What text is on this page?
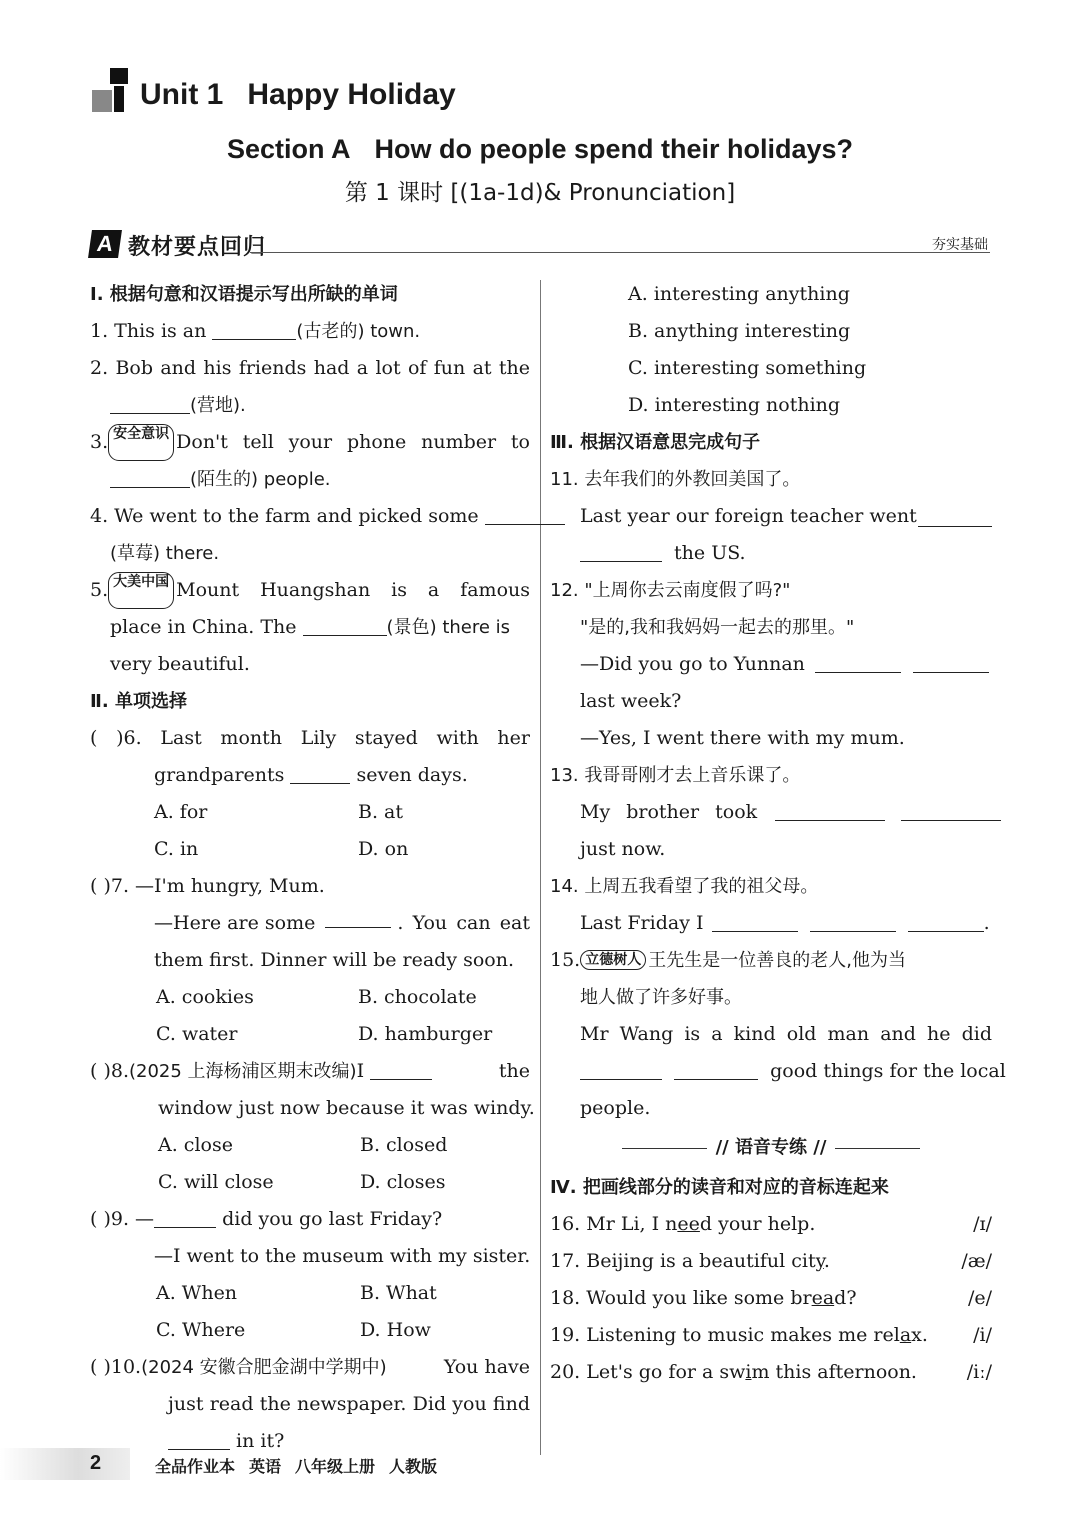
Unit 1 Happy Holiday
Section A How do people spend their holidays?
第 1 课时 [(1a-1d)& Pronunciation]
A 教材要点回归	夯实基础
Ⅰ. 根据句意和汉语提示写出所缺的单词
1. This is an	(古老的) town.
2. Bob and his friends had a lot of fun at the
(营地).
3. 安全意识 Don't tell your phone number to
(陌生的) people.
4. We went to the farm and picked some
(草莓) there.
5. 大美中国 Mount Huangshan is a famous
place in China. The	(景色) there is
very beautiful.
Ⅱ. 单项选择
( )6. Last month Lily stayed with her
grandparents	seven days.
A. for	B. at
C. in	D. on
( )7. —I'm hungry, Mum.
—Here are some	. You can eat
them first. Dinner will be ready soon.
A. cookies	B. chocolate
C. water	D. hamburger
( )8.(2025 上海杨浦区期末改编)I	the
window just now because it was windy.
A. close	B. closed
C. will close	D. closes
( )9. —	did you go last Friday?
—I went to the museum with my sister.
A. When	B. What
C. Where	D. How
( )10.(2024 安徽合肥金湖中学期中)	You have
just read the newspaper. Did you find
in it?
A. interesting anything
B. anything interesting
C. interesting something
D. interesting nothing
Ⅲ. 根据汉语意思完成句子
11. 去年我们的外教回美国了。
Last year our foreign teacher went
the US.
12. "上周你去云南度假了吗?"
"是的,我和我妈妈一起去的那里。"
—Did you go to Yunnan
last week?
—Yes, I went there with my mum.
13. 我哥哥刚才去上音乐课了。
My brother took
just now.
14. 上周五我看望了我的祖父母。
Last Friday I	.
15. 立德树人 王先生是一位善良的老人,他为当
地人做了许多好事。
Mr Wang is a kind old man and he did
good things for the local
people.
// 语音专练 //
Ⅳ. 把画线部分的读音和对应的音标连起来
16. Mr Li, I need your help.	/ɪ/
17. Beijing is a beautiful city.	/æ/
18. Would you like some bread?	/e/
19. Listening to music makes me relax. /i/
20. Let's go for a swim this afternoon.	/iː/
2	全品作业本 英语 八年级上册 人教版
